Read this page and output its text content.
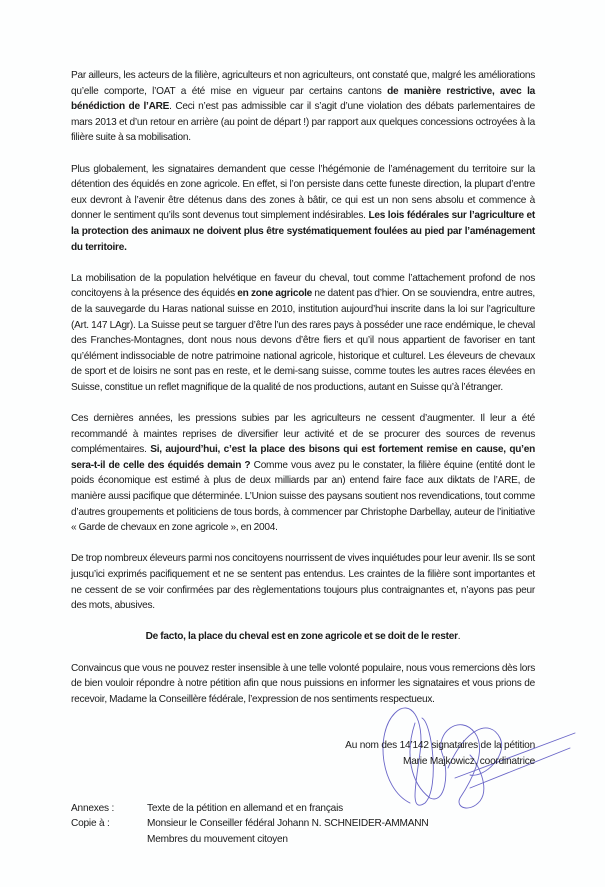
Par ailleurs, les acteurs de la filière, agriculteurs et non agriculteurs, ont constaté que, malgré les améliorations qu’elle comporte, l’OAT a été mise en vigueur par certains cantons de manière restrictive, avec la bénédiction de l’ARE. Ceci n’est pas admissible car il s’agit d’une violation des débats parlementaires de mars 2013 et d’un retour en arrière (au point de départ !) par rapport aux quelques concessions octroyées à la filière suite à sa mobilisation.

Plus globalement, les signataires demandent que cesse l’hégémonie de l’aménagement du territoire sur la détention des équidés en zone agricole. En effet, si l’on persiste dans cette funeste direction, la plupart d’entre eux devront à l’avenir être détenus dans des zones à bâtir, ce qui est un non sens absolu et commence à donner le sentiment qu’ils sont devenus tout simplement indésirables. Les lois fédérales sur l’agriculture et la protection des animaux ne doivent plus être systématiquement foulées au pied par l’aménagement du territoire.

La mobilisation de la population helvétique en faveur du cheval, tout comme l’attachement profond de nos concitoyens à la présence des équidés en zone agricole ne datent pas d’hier. On se souviendra, entre autres, de la sauvegarde du Haras national suisse en 2010, institution aujourd’hui inscrite dans la loi sur l’agriculture (Art. 147 LAgr). La Suisse peut se targuer d’être l’un des rares pays à posséder une race endémique, le cheval des Franches-Montagnes, dont nous nous devons d’être fiers et qu’il nous appartient de favoriser en tant qu’élément indissociable de notre patrimoine national agricole, historique et culturel. Les éleveurs de chevaux de sport et de loisirs ne sont pas en reste, et le demi-sang suisse, comme toutes les autres races élevées en Suisse, constitue un reflet magnifique de la qualité de nos productions, autant en Suisse qu’à l’étranger.

Ces dernières années, les pressions subies par les agriculteurs ne cessent d’augmenter. Il leur a été recommandé à maintes reprises de diversifier leur activité et de se procurer des sources de revenus complémentaires. Si, aujourd’hui, c’est la place des bisons qui est fortement remise en cause, qu’en sera-t-il de celle des équidés demain ? Comme vous avez pu le constater, la filière équine (entité dont le poids économique est estimé à plus de deux milliards par an) entend faire face aux diktats de l’ARE, de manière aussi pacifique que déterminée. L’Union suisse des paysans soutient nos revendications, tout comme d’autres groupements et politiciens de tous bords, à commencer par Christophe Darbellay, auteur de l’initiative « Garde de chevaux en zone agricole », en 2004.

De trop nombreux éleveurs parmi nos concitoyens nourrissent de vives inquiétudes pour leur avenir. Ils se sont jusqu’ici exprimés pacifiquement et ne se sentent pas entendus. Les craintes de la filière sont importantes et ne cessent de se voir confirmées par des règlementations toujours plus contraignantes et, n’ayons pas peur des mots, abusives.

De facto, la place du cheval est en zone agricole et se doit de le rester.

Convaincus que vous ne pouvez rester insensible à une telle volonté populaire, nous vous remercions dès lors de bien vouloir répondre à notre pétition afin que nous puissions en informer les signataires et vous prions de recevoir, Madame la Conseillère fédérale, l’expression de nos sentiments respectueux.

Au nom des 14’142 signataires de la pétition
Marie Majkowicz, coordinatrice
Annexes :	Texte de la pétition en allemand et en français
Copie à :	Monsieur le Conseiller fédéral Johann N. SCHNEIDER-AMMANN
Membres du mouvement citoyen
